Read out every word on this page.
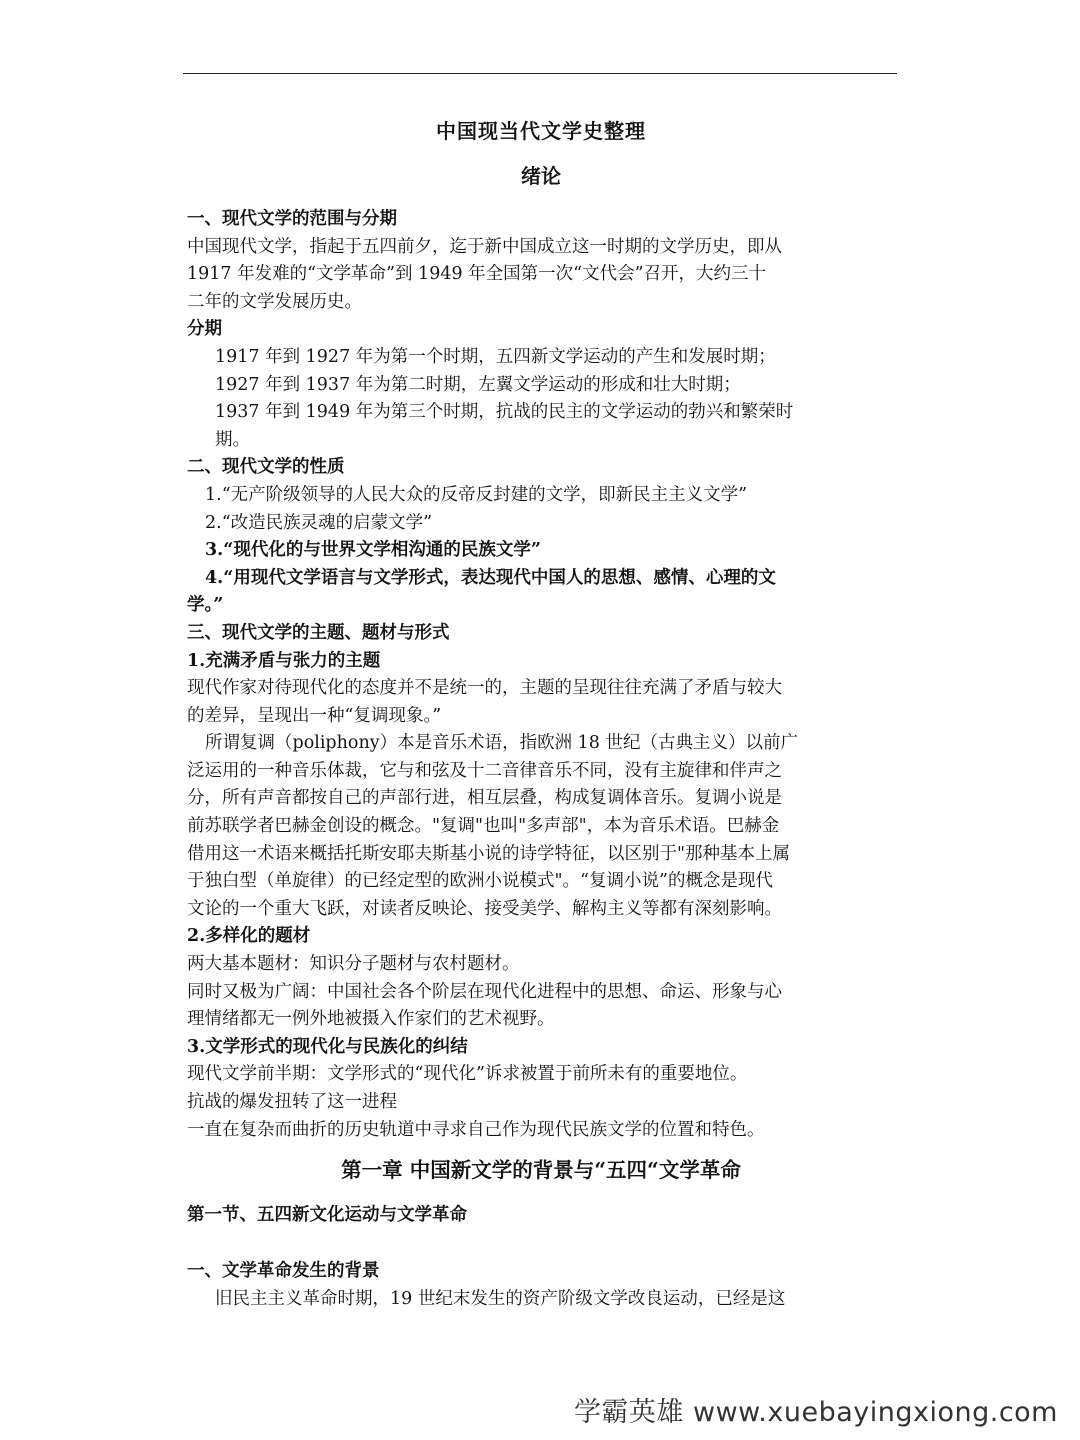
中国现当代文学史整理

绪论

一、现代文学的范围与分期

中国现代文学，指起于五四前夕，迄于新中国成立这一时期的文学历史，即从

1917 年发难的“文学革命”到 1949 年全国第一次“文代会”召开，大约三十

二年的文学发展历史。

分期

1917 年到 1927 年为第一个时期，五四新文学运动的产生和发展时期；

1927 年到 1937 年为第二时期，左翼文学运动的形成和壮大时期；

1937 年到 1949 年为第三个时期，抗战的民主的文学运动的勃兴和繁荣时

期。

二、现代文学的性质

1.“无产阶级领导的人民大众的反帝反封建的文学，即新民主主义文学”

2.“改造民族灵魂的启蒙文学”

3.“现代化的与世界文学相沟通的民族文学”

4.“用现代文学语言与文学形式，表达现代中国人的思想、感情、心理的文

学。”

三、现代文学的主题、题材与形式

1.充满矛盾与张力的主题

现代作家对待现代化的态度并不是统一的，主题的呈现往往充满了矛盾与较大

的差异，呈现出一种“复调现象。”

所谓复调（poliphony）本是音乐术语，指欧洲 18 世纪（古典主义）以前广

泛运用的一种音乐体裁，它与和弦及十二音律音乐不同，没有主旋律和伴声之

分，所有声音都按自己的声部行进，相互层叠，构成复调体音乐。复调小说是

前苏联学者巴赫金创设的概念。"复调"也叫"多声部"，本为音乐术语。巴赫金

借用这一术语来概括托斯安耶夫斯基小说的诗学特征，以区别于"那种基本上属

于独白型（单旋律）的已经定型的欧洲小说模式"。“复调小说”的概念是现代

文论的一个重大飞跃，对读者反映论、接受美学、解构主义等都有深刻影响。

2.多样化的题材

两大基本题材：知识分子题材与农村题材。

同时又极为广阔：中国社会各个阶层在现代化进程中的思想、命运、形象与心

理情绪都无一例外地被摄入作家们的艺术视野。

3.文学形式的现代化与民族化的纠结

现代文学前半期：文学形式的“现代化”诉求被置于前所未有的重要地位。

抗战的爆发扭转了这一进程

一直在复杂而曲折的历史轨道中寻求自己作为现代民族文学的位置和特色。

第一章 中国新文学的背景与“五四“文学革命

第一节、五四新文化运动与文学革命

一、文学革命发生的背景

旧民主主义革命时期，19 世纪末发生的资产阶级文学改良运动，已经是这

学霸英雄 www.xuebayingxiong.com
